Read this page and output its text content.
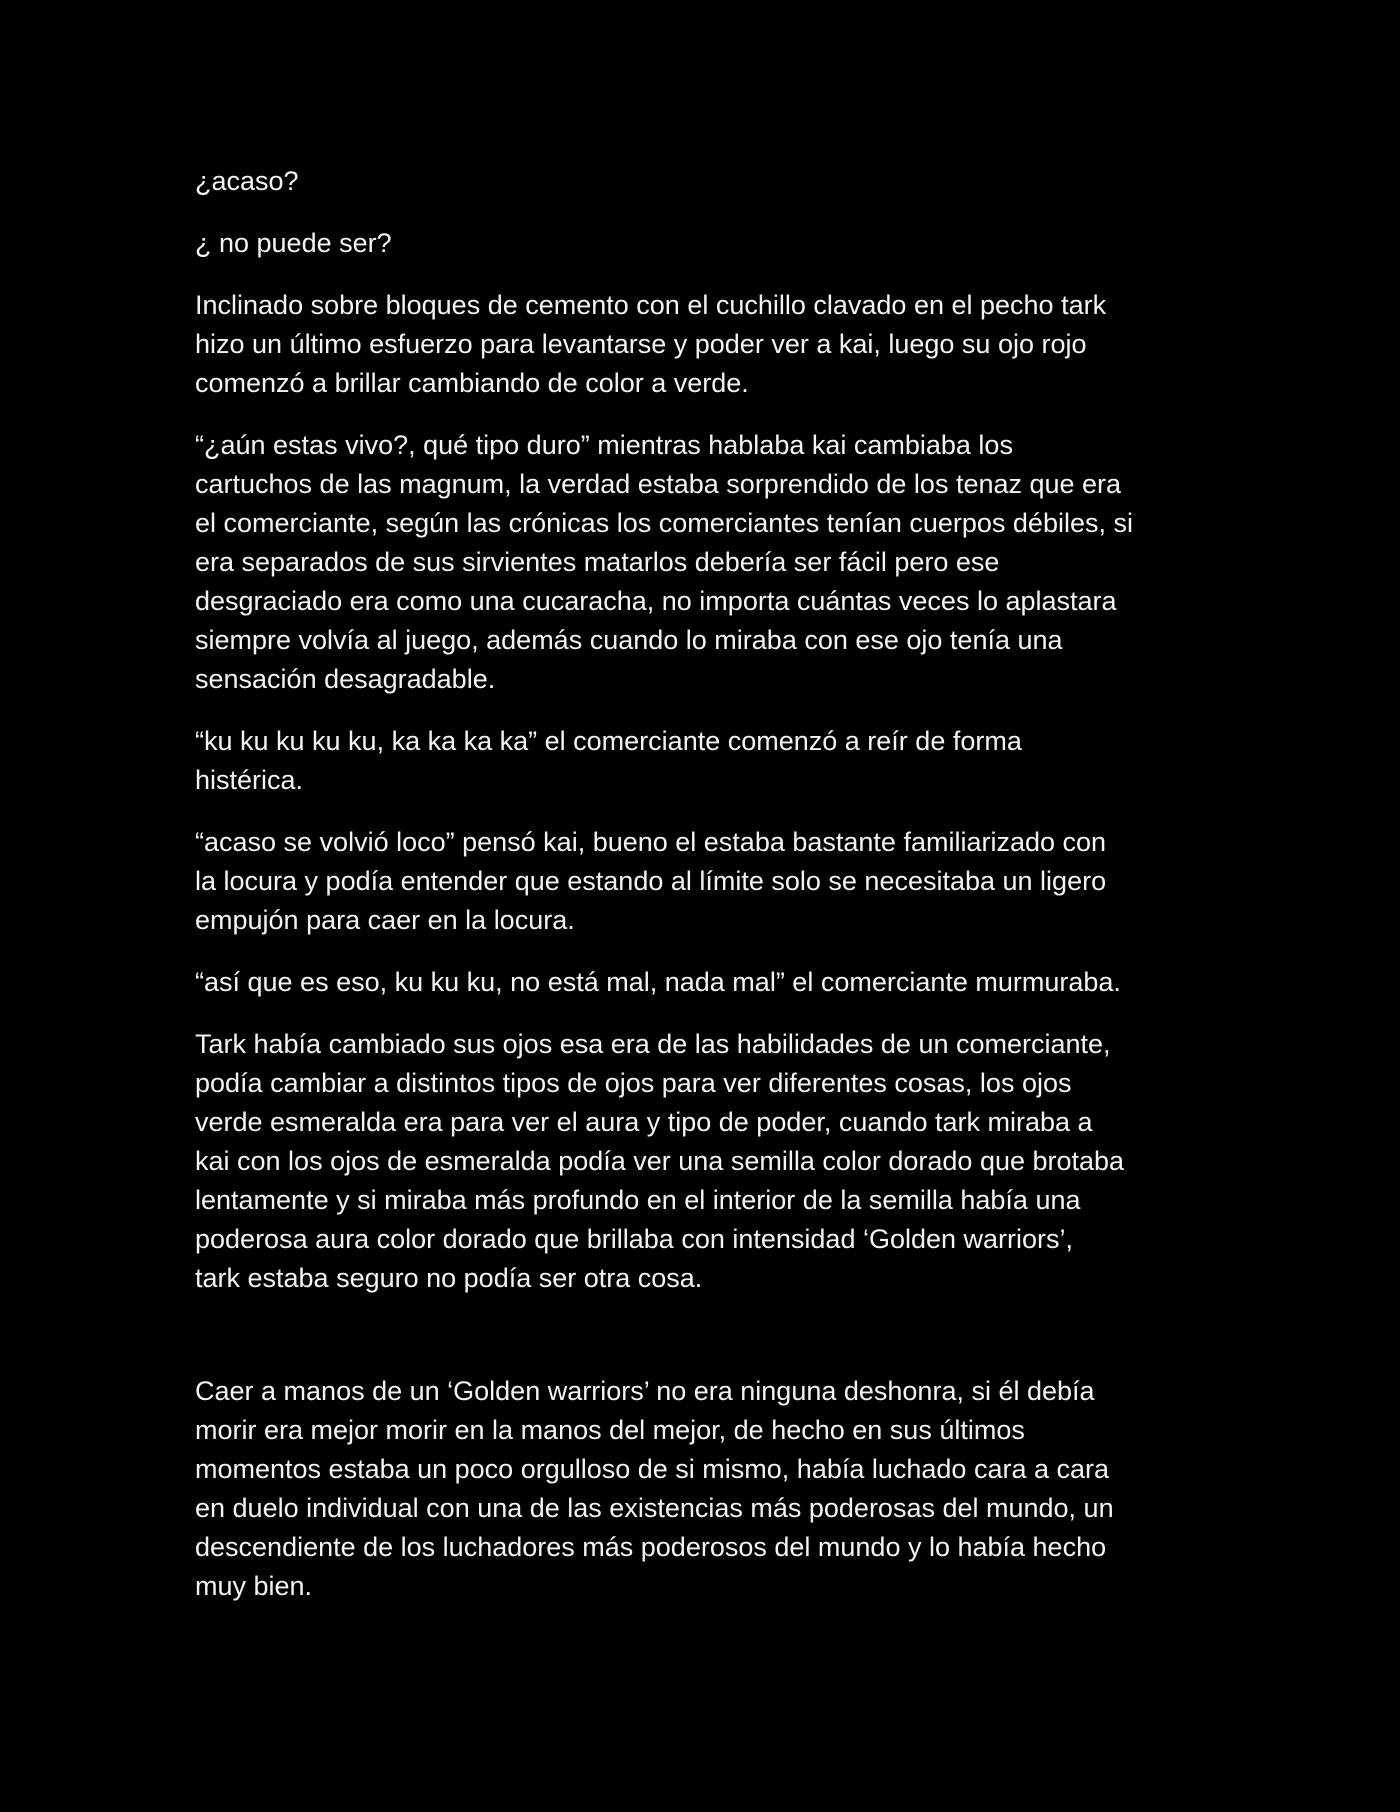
¿acaso?

¿ no puede ser?

Inclinado sobre bloques de cemento con el cuchillo clavado en el pecho tark
hizo un último esfuerzo para levantarse y poder ver a kai, luego su ojo rojo
comenzó a brillar cambiando de color a verde.

“¿aún estas vivo?, qué tipo duro” mientras hablaba kai cambiaba los
cartuchos de las magnum, la verdad estaba sorprendido de los tenaz que era
el comerciante, según las crónicas los comerciantes tenían cuerpos débiles, si
era separados de sus sirvientes matarlos debería ser fácil pero ese
desgraciado era como una cucaracha, no importa cuántas veces lo aplastara
siempre volvía al juego, además cuando lo miraba con ese ojo tenía una
sensación desagradable.

“ku ku ku ku ku, ka ka ka ka” el comerciante comenzó a reír de forma
histérica.

“acaso se volvió loco” pensó kai, bueno el estaba bastante familiarizado con
la locura y podía entender que estando al límite solo se necesitaba un ligero
empujón para caer en la locura.

“así que es eso, ku ku ku, no está mal, nada mal” el comerciante murmuraba.

Tark había cambiado sus ojos esa era de las habilidades de un comerciante,
podía cambiar a distintos tipos de ojos para ver diferentes cosas, los ojos
verde esmeralda era para ver el aura y tipo de poder, cuando tark miraba a
kai con los ojos de esmeralda podía ver una semilla color dorado que brotaba
lentamente y si miraba más profundo en el interior de la semilla había una
poderosa aura color dorado que brillaba con intensidad ‘Golden warriors’,
tark estaba seguro no podía ser otra cosa.

Caer a manos de un ‘Golden warriors’ no era ninguna deshonra, si él debía
morir era mejor morir en la manos del mejor, de hecho en sus últimos
momentos estaba un poco orgulloso de si mismo, había luchado cara a cara
en duelo individual con una de las existencias más poderosas del mundo, un
descendiente de los luchadores más poderosos del mundo y lo había hecho
muy bien.
